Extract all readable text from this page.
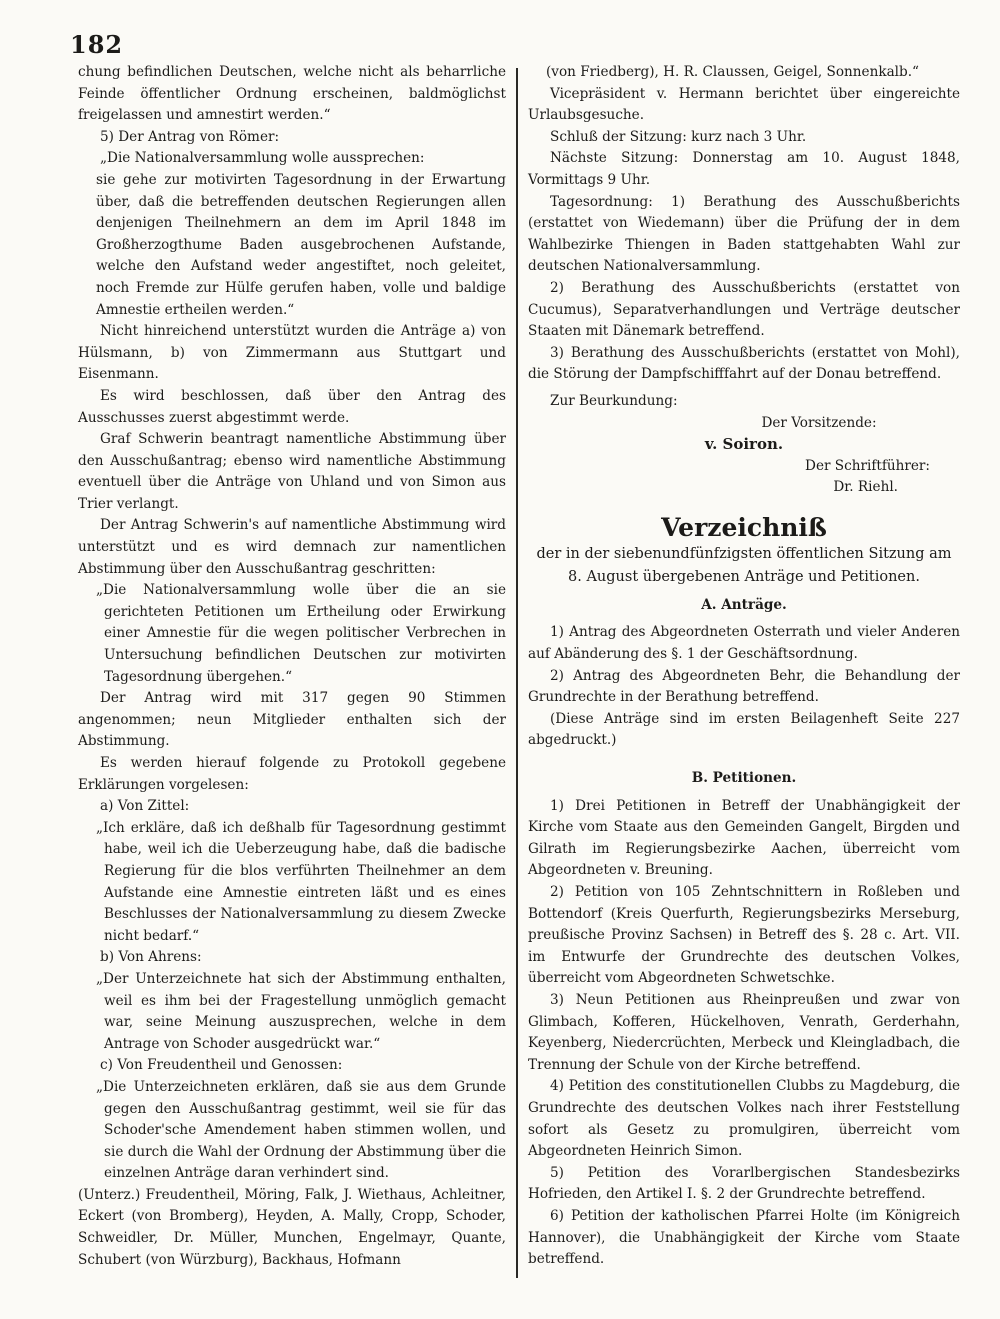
182

chung befindlichen Deutschen, welche nicht als beharrliche Feinde öffentlicher Ordnung erscheinen, baldmöglichst freigelassen und amnestirt werden.“

5) Der Antrag von Römer:

„Die Nationalversammlung wolle aussprechen:

sie gehe zur motivirten Tagesordnung in der Erwartung über, daß die betreffenden deutschen Regierungen allen denjenigen Theilnehmern an dem im April 1848 im Großherzogthume Baden ausgebrochenen Aufstande, welche den Aufstand weder angestiftet, noch geleitet, noch Fremde zur Hülfe gerufen haben, volle und baldige Amnestie ertheilen werden.“

Nicht hinreichend unterstützt wurden die Anträge a) von Hülsmann, b) von Zimmermann aus Stuttgart und Eisenmann.

Es wird beschlossen, daß über den Antrag des Ausschusses zuerst abgestimmt werde.

Graf Schwerin beantragt namentliche Abstimmung über den Ausschußantrag; ebenso wird namentliche Abstimmung eventuell über die Anträge von Uhland und von Simon aus Trier verlangt.

Der Antrag Schwerin's auf namentliche Abstimmung wird unterstützt und es wird demnach zur namentlichen Abstimmung über den Ausschußantrag geschritten:

„Die Nationalversammlung wolle über die an sie gerichteten Petitionen um Ertheilung oder Erwirkung einer Amnestie für die wegen politischer Verbrechen in Untersuchung befindlichen Deutschen zur motivirten Tagesordnung übergehen.“

Der Antrag wird mit 317 gegen 90 Stimmen angenommen; neun Mitglieder enthalten sich der Abstimmung.

Es werden hierauf folgende zu Protokoll gegebene Erklärungen vorgelesen:

a) Von Zittel:

„Ich erkläre, daß ich deßhalb für Tagesordnung gestimmt habe, weil ich die Ueberzeugung habe, daß die badische Regierung für die blos verführten Theilnehmer an dem Aufstande eine Amnestie eintreten läßt und es eines Beschlusses der Nationalversammlung zu diesem Zwecke nicht bedarf.“

b) Von Ahrens:

„Der Unterzeichnete hat sich der Abstimmung enthalten, weil es ihm bei der Fragestellung unmöglich gemacht war, seine Meinung auszusprechen, welche in dem Antrage von Schoder ausgedrückt war.“

c) Von Freudentheil und Genossen:

„Die Unterzeichneten erklären, daß sie aus dem Grunde gegen den Ausschußantrag gestimmt, weil sie für das Schoder'sche Amendement haben stimmen wollen, und sie durch die Wahl der Ordnung der Abstimmung über die einzelnen Anträge daran verhindert sind.

(Unterz.) Freudentheil, Möring, Falk, J. Wiethaus, Achleitner, Eckert (von Bromberg), Heyden, A. Mally, Cropp, Schoder, Schweidler, Dr. Müller, Munchen, Engelmayr, Quante, Schubert (von Würzburg), Backhaus, Hofmann

(von Friedberg), H. R. Claussen, Geigel, Sonnenkalb.“

Vicepräsident v. Hermann berichtet über eingereichte Urlaubsgesuche.

Schluß der Sitzung: kurz nach 3 Uhr.

Nächste Sitzung: Donnerstag am 10. August 1848, Vormittags 9 Uhr.

Tagesordnung: 1) Berathung des Ausschußberichts (erstattet von Wiedemann) über die Prüfung der in dem Wahlbezirke Thiengen in Baden stattgehabten Wahl zur deutschen Nationalversammlung.

2) Berathung des Ausschußberichts (erstattet von Cucumus), Separatverhandlungen und Verträge deutscher Staaten mit Dänemark betreffend.

3) Berathung des Ausschußberichts (erstattet von Mohl), die Störung der Dampfschifffahrt auf der Donau betreffend.

Zur Beurkundung:

Der Vorsitzende:

v. Soiron.

Der Schriftführer:

Dr. Riehl.

Verzeichniß

der in der siebenundfünfzigsten öffentlichen Sitzung am 8. August übergebenen Anträge und Petitionen.

A. Anträge.

1) Antrag des Abgeordneten Osterrath und vieler Anderen auf Abänderung des §. 1 der Geschäftsordnung.

2) Antrag des Abgeordneten Behr, die Behandlung der Grundrechte in der Berathung betreffend.

(Diese Anträge sind im ersten Beilagenheft Seite 227 abgedruckt.)

B. Petitionen.

1) Drei Petitionen in Betreff der Unabhängigkeit der Kirche vom Staate aus den Gemeinden Gangelt, Birgden und Gilrath im Regierungsbezirke Aachen, überreicht vom Abgeordneten v. Breuning.

2) Petition von 105 Zehntschnittern in Roßleben und Bottendorf (Kreis Querfurth, Regierungsbezirks Merseburg, preußische Provinz Sachsen) in Betreff des §. 28 c. Art. VII. im Entwurfe der Grundrechte des deutschen Volkes, überreicht vom Abgeordneten Schwetschke.

3) Neun Petitionen aus Rheinpreußen und zwar von Glimbach, Kofferen, Hückelhoven, Venrath, Gerderhahn, Keyenberg, Niedercrüchten, Merbeck und Kleingladbach, die Trennung der Schule von der Kirche betreffend.

4) Petition des constitutionellen Clubbs zu Magdeburg, die Grundrechte des deutschen Volkes nach ihrer Feststellung sofort als Gesetz zu promulgiren, überreicht vom Abgeordneten Heinrich Simon.

5) Petition des Vorarlbergischen Standesbezirks Hofrieden, den Artikel I. §. 2 der Grundrechte betreffend.

6) Petition der katholischen Pfarrei Holte (im Königreich Hannover), die Unabhängigkeit der Kirche vom Staate betreffend.
